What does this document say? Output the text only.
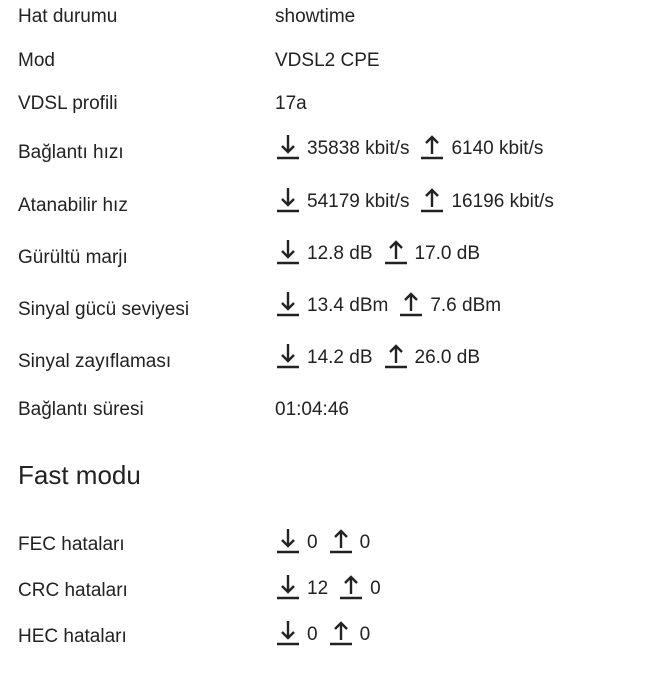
Hat durumu	showtime
Mod	VDSL2 CPE
VDSL profili	17a
Bağlantı hızı	35838 kbit/s 6140 kbit/s
Atanabilir hız	54179 kbit/s 16196 kbit/s
Gürültü marjı	12.8 dB 17.0 dB
Sinyal gücü seviyesi	13.4 dBm 7.6 dBm
Sinyal zayıflaması	14.2 dB 26.0 dB
Bağlantı süresi	01:04:46
Fast modu
FEC hataları	0 0
CRC hataları	12 0
HEC hataları	0 0
